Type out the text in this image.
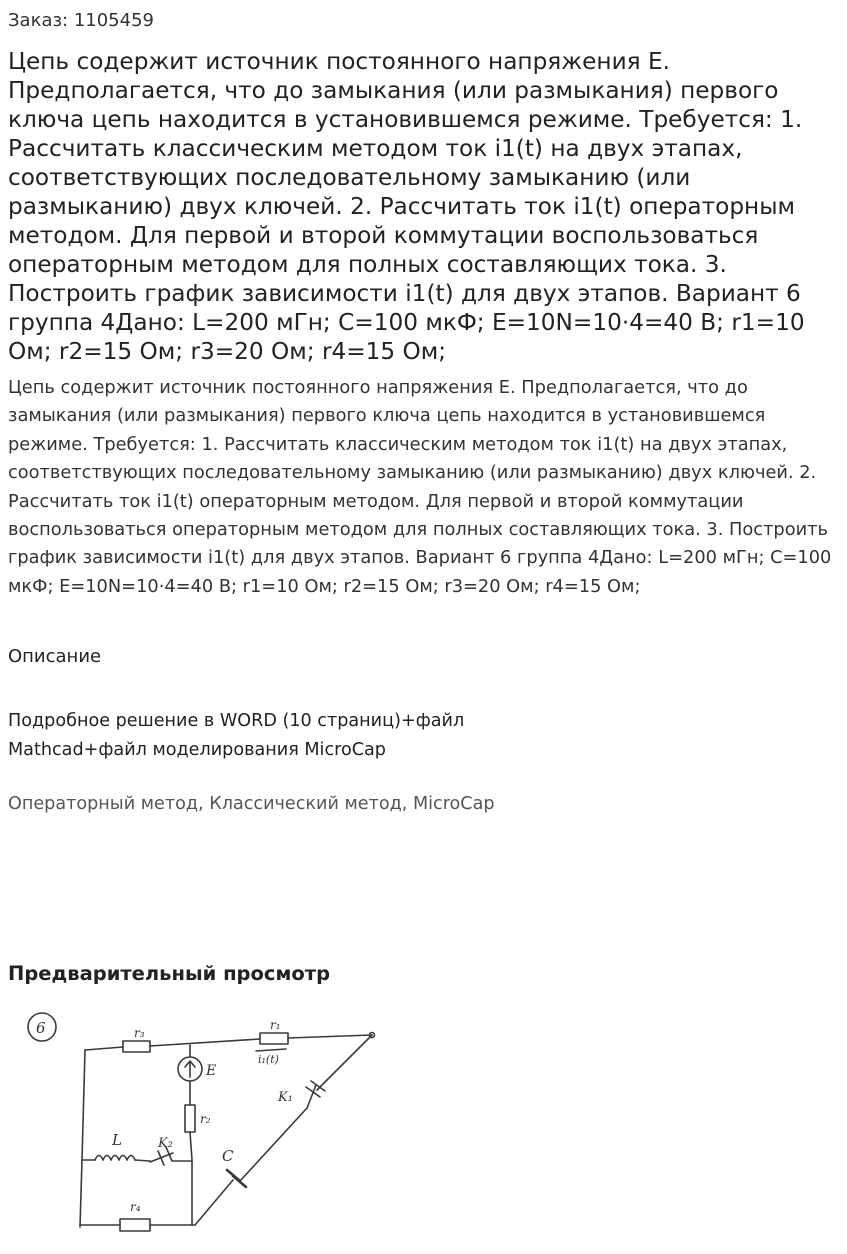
Заказ: 1105459

Цепь содержит источник постоянного напряжения E. Предполагается, что до замыкания (или размыкания) первого ключа цепь находится в установившемся режиме. Требуется: 1. Рассчитать классическим методом ток i1(t) на двух этапах, соответствующих последовательному замыканию (или размыканию) двух ключей. 2. Рассчитать ток i1(t) операторным методом. Для первой и второй коммутации воспользоваться операторным методом для полных составляющих тока. 3. Построить график зависимости i1(t) для двух этапов. Вариант 6 группа 4Дано: L=200 мГн; C=100 мкФ; E=10N=10·4=40 В; r1=10 Ом; r2=15 Ом; r3=20 Ом; r4=15 Ом;

Цепь содержит источник постоянного напряжения E. Предполагается, что до замыкания (или размыкания) первого ключа цепь находится в установившемся режиме. Требуется: 1. Рассчитать классическим методом ток i1(t) на двух этапах, соответствующих последовательному замыканию (или размыканию) двух ключей. 2. Рассчитать ток i1(t) операторным методом. Для первой и второй коммутации воспользоваться операторным методом для полных составляющих тока. 3. Построить график зависимости i1(t) для двух этапов. Вариант 6 группа 4Дано: L=200 мГн; C=100 мкФ; E=10N=10·4=40 В; r1=10 Ом; r2=15 Ом; r3=20 Ом; r4=15 Ом;

Описание

Подробное решение в WORD (10 страниц)+файл Mathcad+файл моделирования MicroCap

Операторный метод, Классический метод, MicroCap
Предварительный просмотр
6	r₃
r₁
i₁(t)
E
r₂
K₁
L	K₂
C
r₄
